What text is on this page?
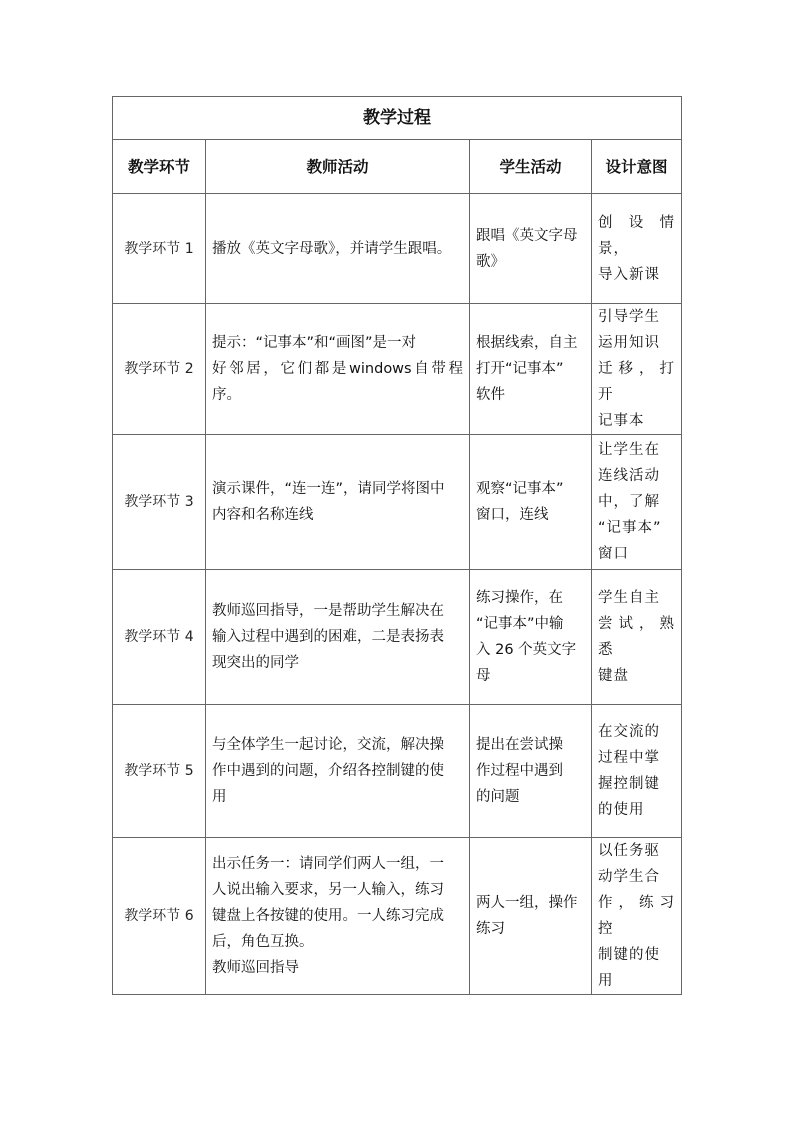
教学过程			
教学环节	教师活动	学生活动	设计意图
教学环节 1	播放《英文字母歌》，并请学生跟唱。	跟唱《英文字母
歌》	创设情景，
导入新课

教学环节 2	提示：“记事本”和“画图”是一对
好邻居，它们都是windows自带程序。	根据线索，自主
打开“记事本”
软件	引导学生
运用知识
迁移，打开
记事本

教学环节 3	演示课件，“连一连”，请同学将图中
内容和名称连线	观察“记事本”
窗口，连线	让学生在
连线活动
中，了解
“记事本”
窗口

教学环节 4	教师巡回指导，一是帮助学生解决在
输入过程中遇到的困难，二是表扬表
现突出的同学	练习操作，在
“记事本”中输
入 26 个英文字
母	学生自主
尝试，熟悉
键盘

教学环节 5	与全体学生一起讨论，交流，解决操
作中遇到的问题，介绍各控制键的使
用	提出在尝试操
作过程中遇到
的问题	在交流的
过程中掌
握控制键
的使用

教学环节 6	出示任务一：请同学们两人一组，一
人说出输入要求，另一人输入，练习
键盘上各按键的使用。一人练习完成
后，角色互换。
教师巡回指导	两人一组，操作
练习	以任务驱
动学生合
作，练习控
制键的使
用
